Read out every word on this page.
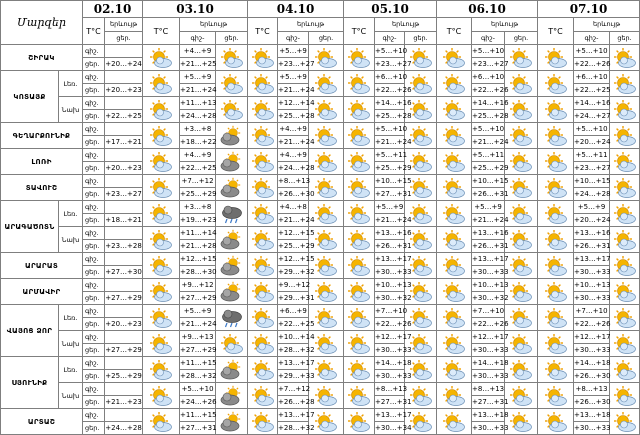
Մարզեր		02.10		03.10			04.10			05.10			06.10			07.10			
		T°C	երևույթ	T°C	երևույթ		T°C	երևույթ		T°C	երևույթ		T°C	երևույթ		T°C	երևույթ		
			ցեր.		գիշ-	ցեր.		գիշ-	ցեր.		գիշ-	ցեր.		գիշ-	ցեր.		գիշ-	ցեր.	
ՇԻՐԱԿ		գիշ.			+4…+9			+5…+9			+5…+10			+5…+10			+5…+10	

		ցեր.	+20…+24		+21…+25			+23…+27			+23…+27			+23…+27			+22…+26		
ԿՈՏԱՅՔ	Լեռ.	գիշ.			+5…+9			+5…+9			+6…+10			+6…+10			+6…+10	

		ցեր.	+20…+23		+21…+24			+21…+24			+22…+26			+22…+26			+22…+25		
	Նախ	գիշ.			+11…+13			+12…+14			+14…+16			+14…+16			+14…+16	

		ցեր.	+22…+25		+24…+28			+25…+28			+25…+28			+25…+28			+24…+27		
ԳԵՂԱՐՔՈՒՆԻՔ		գիշ.			+3…+8			+4…+9			+5…+10			+5…+10			+5…+10	

		ցեր.	+17…+21		+18…+22			+21…+24			+21…+24			+21…+24			+20…+24		
ԼՈՌԻ		գիշ.			+4…+9			+4…+9			+5…+11			+5…+11			+5…+11	

		ցեր.	+20…+23		+22…+25			+24…+28			+25…+29			+25…+29			+23…+27		
ՏԱՎՈՒՇ		գիշ.			+7…+12			+8…+13			+10…+15			+10…+15			+10…+15	

		ցեր.	+23…+27		+25…+29			+26…+30			+27…+31			+26…+31			+24…+28		
ԱՐԱԳԱԾՈՏՆ	Լեռ.	գիշ.			+3…+8			+4…+8			+5…+9			+5…+9			+5…+9	

		ցեր.	+18…+21		+19…+23			+21…+24			+21…+24			+21…+24			+20…+24		
	Նախ	գիշ.			+11…+14			+12…+15			+13…+16			+13…+16			+13…+16	

		ցեր.	+23…+28		+21…+28			+25…+29			+26…+31			+26…+31			+26…+31		
ԱՐԱՐԱՏ		գիշ.			+12…+15			+12…+15			+13…+17			+13…+17			+13…+17	

		ցեր.	+27…+30		+28…+30			+29…+32			+30…+33			+30…+33			+30…+33		
ԱՐՄԱՎԻՐ		գիշ.			+9…+12			+9…+12			+10…+13			+10…+13			+10…+13	

		ցեր.	+27…+29		+27…+29			+29…+31			+30…+32			+30…+32			+30…+33		
ՎԱՅՈՑ ՁՈՐ	Լեռ.	գիշ.			+5…+9			+6…+9			+7…+10			+7…+10			+7…+10	

		ցեր.	+20…+23		+21…+24			+22…+25			+22…+26			+22…+26			+22…+26		
	Նախ	գիշ.			+9…+13			+10…+14			+12…+17			+12…+17			+12…+17	

		ցեր.	+27…+29		+27…+29			+28…+32			+30…+33			+30…+33			+30…+33		
ՍՅՈՒՆԻՔ	Լեռ.	գիշ.			+11…+15			+13…+17			+14…+18			+14…+18			+14…+18	

		ցեր.	+25…+29		+28…+32			+29…+33			+30…+33			+30…+33			+26…+30		
	Նախ	գիշ.			+5…+10			+7…+12			+8…+13			+8…+13			+8…+13	

		ցեր.	+21…+23		+24…+26			+26…+28			+27…+31			+27…+31			+26…+30		
ԱՐՏԱՇ		գիշ.			+11…+15			+13…+17			+13…+17			+13…+18			+13…+18	

		ցեր.	+24…+28		+27…+31			+28…+32			+30…+34			+30…+33			+30…+33		
